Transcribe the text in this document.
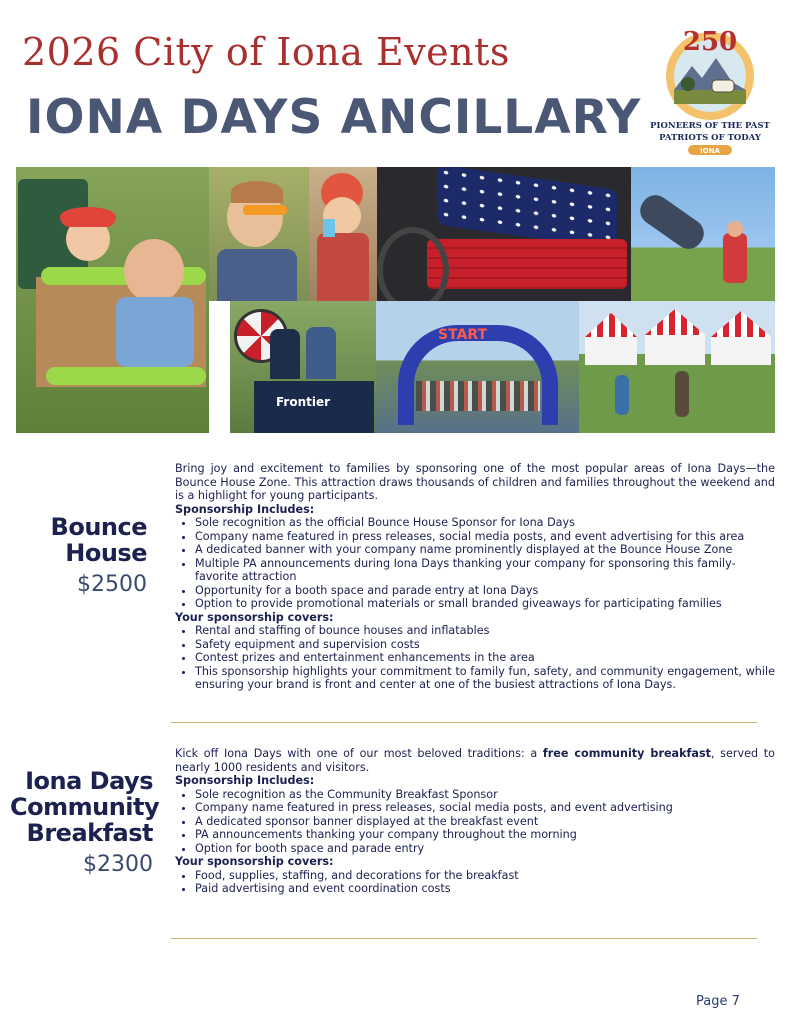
2026 City of Iona Events
IONA DAYS ANCILLARY
250
PIONEERS OF THE PAST
PATRIOTS OF TODAY
IONA
Frontier
START
Bounce
House
$2500

Bring joy and excitement to families by sponsoring one of the most popular areas of Iona Days—the Bounce House Zone. This attraction draws thousands of children and families throughout the weekend and is a highlight for young participants.

Sponsorship Includes:
• Sole recognition as the official Bounce House Sponsor for Iona Days
• Company name featured in press releases, social media posts, and event advertising for this area
• A dedicated banner with your company name prominently displayed at the Bounce House Zone
• Multiple PA announcements during Iona Days thanking your company for sponsoring this family-favorite attraction
• Opportunity for a booth space and parade entry at Iona Days
• Option to provide promotional materials or small branded giveaways for participating families
Your sponsorship covers:
• Rental and staffing of bounce houses and inflatables
• Safety equipment and supervision costs
• Contest prizes and entertainment enhancements in the area
• This sponsorship highlights your commitment to family fun, safety, and community engagement, while ensuring your brand is front and center at one of the busiest attractions of Iona Days.
Iona Days
Community
Breakfast
$2300

Kick off Iona Days with one of our most beloved traditions: a free community breakfast, served to nearly 1000 residents and visitors.

Sponsorship Includes:
• Sole recognition as the Community Breakfast Sponsor
• Company name featured in press releases, social media posts, and event advertising
• A dedicated sponsor banner displayed at the breakfast event
• PA announcements thanking your company throughout the morning
• Option for booth space and parade entry
Your sponsorship covers:
• Food, supplies, staffing, and decorations for the breakfast
• Paid advertising and event coordination costs
Page 7
